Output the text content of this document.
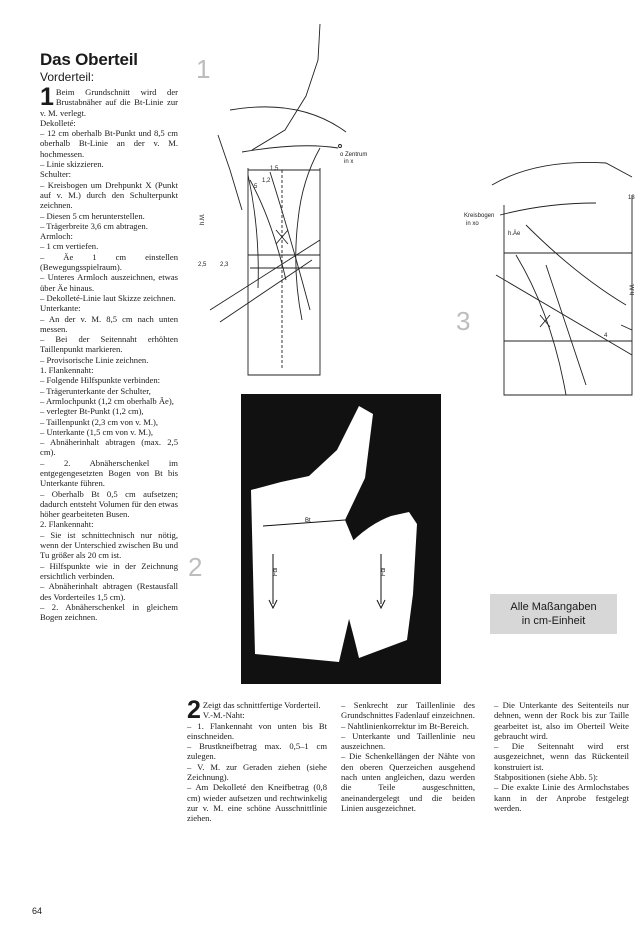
Das Oberteil
Vorderteil:

1 Beim Grundschnitt wird der Brustabnäher auf die Bt-Linie zur v. M. verlegt.

Dekolleté:

– 12 cm oberhalb Bt-Punkt und 8,5 cm oberhalb Bt-Linie an der v. M. hochmessen.

– Linie skizzieren.

Schulter:

– Kreisbogen um Drehpunkt X (Punkt auf v. M.) durch den Schulterpunkt zeichnen.

– Diesen 5 cm herunterstellen.

– Trägerbreite 3,6 cm abtragen.

Armloch:

– 1 cm vertiefen.

– Äe 1 cm einstellen (Bewegungsspielraum).

– Unteres Armloch auszeichnen, etwas über Äe hinaus.

– Dekolleté-Linie laut Skizze zeichnen.

Unterkante:

– An der v. M. 8,5 cm nach unten messen.

– Bei der Seitennaht erhöhten Taillenpunkt markieren.

– Provisorische Linie zeichnen.

1. Flankennaht:

– Folgende Hilfspunkte verbinden:

– Trägerunterkante der Schulter,

– Armlochpunkt (1,2 cm oberhalb Äe),

– verlegter Bt-Punkt (1,2 cm),

– Taillenpunkt (2,3 cm von v. M.),

– Unterkante (1,5 cm von v. M.),

– Abnäherinhalt abtragen (max. 2,5 cm).

– 2. Abnäherschenkel im entgegengesetzten Bogen von Bt bis Unterkante führen.

– Oberhalb Bt 0,5 cm aufsetzen; dadurch entsteht Volumen für den etwas höher gearbeiteten Busen.

2. Flankennaht:

– Sie ist schnittechnisch nur nötig, wenn der Unterschied zwischen Bu und Tu größer als 20 cm ist.

– Hilfspunkte wie in der Zeichnung ersichtlich verbinden.

– Abnäherinhalt abtragen (Restausfall des Vorderteiles 1,5 cm).

– 2. Abnäherschenkel in gleichem Bogen zeichnen.

2 Zeigt das schnittfertige Vorderteil.

V.-M.-Naht:

– 1. Flankennaht von unten bis Bt einschneiden.

– Brustkneifbetrag max. 0,5–1 cm zulegen.

– V. M. zur Geraden ziehen (siehe Zeichnung).

– Am Dekolleté den Kneifbetrag (0,8 cm) wieder aufsetzen und rechtwinkelig zur v. M. eine schöne Ausschnittlinie ziehen.

– Senkrecht zur Taillenlinie des Grundschnittes Fadenlauf einzeichnen.

– Nahtlinienkorrektur im Bt-Bereich.

– Unterkante und Taillenlinie neu auszeichnen.

– Die Schenkellängen der Nähte von den oberen Querzeichen ausgehend nach unten angleichen, dazu werden die Teile ausgeschnitten, aneinandergelegt und die beiden Linien ausgezeichnet.

– Die Unterkante des Seitenteils nur dehnen, wenn der Rock bis zur Taille gearbeitet ist, also im Oberteil Weite gebraucht wird.

– Die Seitennaht wird erst ausgezeichnet, wenn das Rückenteil konstruiert ist.

Stabpositionen (siehe Abb. 5):

– Die exakte Linie des Armlochstabes kann in der Anprobe festgelegt werden.

1
2
3
o Zentrum
in x
h.M.
1,5
1,2
2,5 2,3
5
Kreisbogen
in xo
h.Äe
h.M.
13
4
Bt
Fdl	Fdl
Alle Maßangaben
in cm-Einheit
64
